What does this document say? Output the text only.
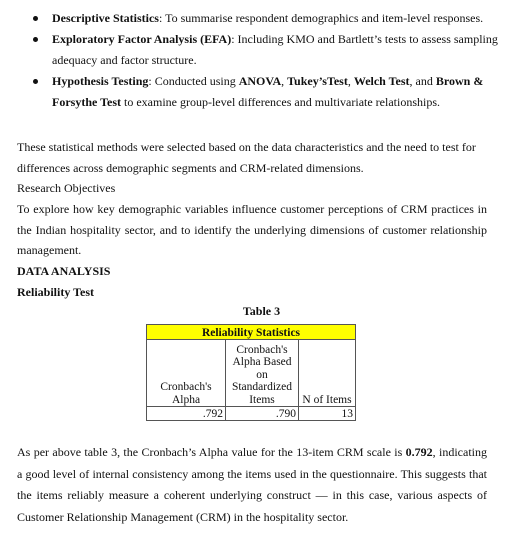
Descriptive Statistics: To summarise respondent demographics and item-level responses.
Exploratory Factor Analysis (EFA): Including KMO and Bartlett’s tests to assess sampling adequacy and factor structure.
Hypothesis Testing: Conducted using ANOVA, Tukey’sTest, Welch Test, and Brown & Forsythe Test to examine group-level differences and multivariate relationships.

These statistical methods were selected based on the data characteristics and the need to test for differences across demographic segments and CRM-related dimensions.

Research Objectives

To explore how key demographic variables influence customer perceptions of CRM practices in the Indian hospitality sector, and to identify the underlying dimensions of customer relationship management.

DATA ANALYSIS

Reliability Test

Table 3
Reliability Statistics		
Cronbach's Alpha	Cronbach's Alpha Based on Standardized Items	N of Items
.792	.790	13

As per above table 3, the Cronbach’s Alpha value for the 13-item CRM scale is 0.792, indicating a good level of internal consistency among the items used in the questionnaire. This suggests that the items reliably measure a coherent underlying construct — in this case, various aspects of Customer Relationship Management (CRM) in the hospitality sector.
